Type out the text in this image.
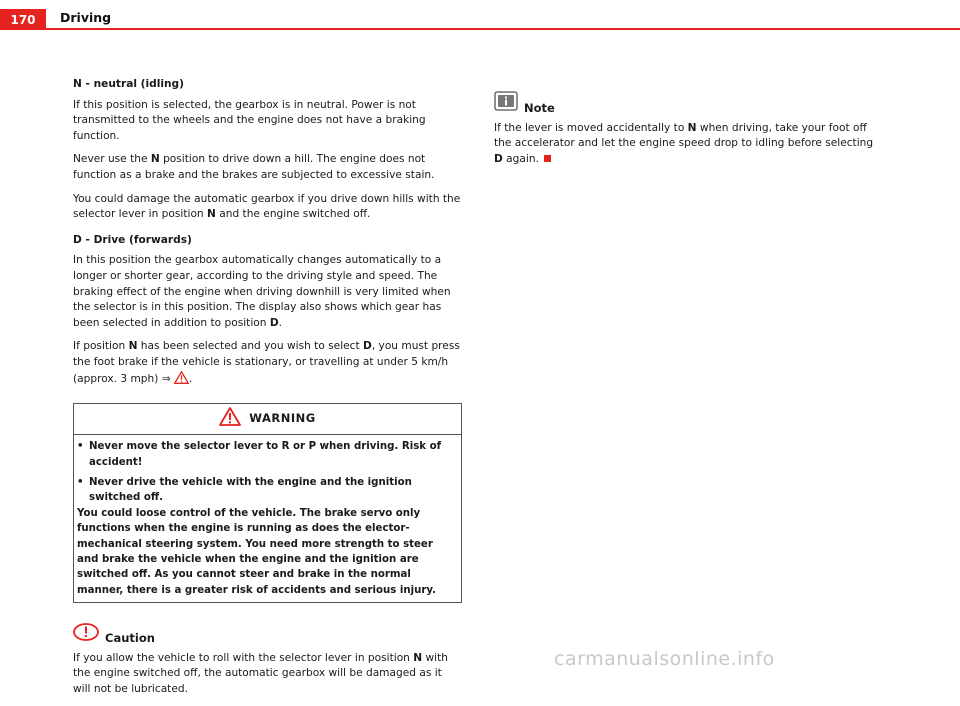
170	Driving

N - neutral (idling)

If this position is selected, the gearbox is in neutral. Power is not transmitted to the wheels and the engine does not have a braking function.

Never use the N position to drive down a hill. The engine does not function as a brake and the brakes are subjected to excessive stain.

You could damage the automatic gearbox if you drive down hills with the selector lever in position N and the engine switched off.

D - Drive (forwards)

In this position the gearbox automatically changes automatically to a longer or shorter gear, according to the driving style and speed. The braking effect of the engine when driving downhill is very limited when the selector is in this position. The display also shows which gear has been selected in addition to position D.

If position N has been selected and you wish to select D, you must press the foot brake if the vehicle is stationary, or travelling at under 5 km/h (approx. 3 mph) ⇒ .

WARNING
• Never move the selector lever to R or P when driving. Risk of accident!
• Never drive the vehicle with the engine and the ignition switched off.
You could loose control of the vehicle. The brake servo only functions when the engine is running as does the elector-mechanical steering system. You need more strength to steer and brake the vehicle when the engine and the ignition are switched off. As you cannot steer and brake in the normal manner, there is a greater risk of accidents and serious injury.
Caution

If you allow the vehicle to roll with the selector lever in position N with the engine switched off, the automatic gearbox will be damaged as it will not be lubricated.

Note

If the lever is moved accidentally to N when driving, take your foot off the accelerator and let the engine speed drop to idling before selecting D again.

carmanualsonline.info
